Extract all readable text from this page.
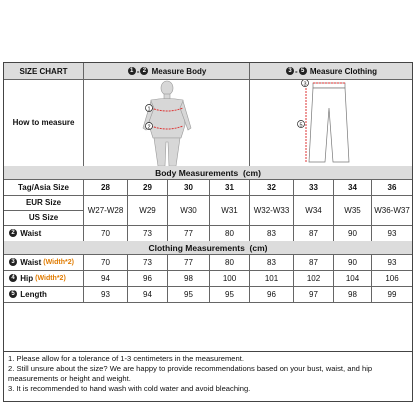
SIZE CHART	1 - 2
Measure Body	3 - 5
Measure Clothing
How to measure
1
2
3
5
Body Measurements  (cm)
Tag/Asia Size	28	29	30	31	32	33	34	36
EUR Size
US Size
W27-W28	W29	W30	W31	W32-W33	W34	W35	W36-W37
2
Waist	70	73	77	80	83	87	90	93
Clothing Measurements  (cm)
3
Waist (Width*2)	70	73	77	80	83	87	90	93
4
Hip (Width*2)	94	96	98	100	101	102	104	106
5
Length	93	94	95	95	96	97	98	99
1. Please allow for a tolerance of 1-3 centimeters in the measurement.
2. Still unsure about the size? We are happy to provide recommendations based on your bust, waist, and hip measurements or height and weight.
3. It is recommended to hand wash with cold water and avoid bleaching.
